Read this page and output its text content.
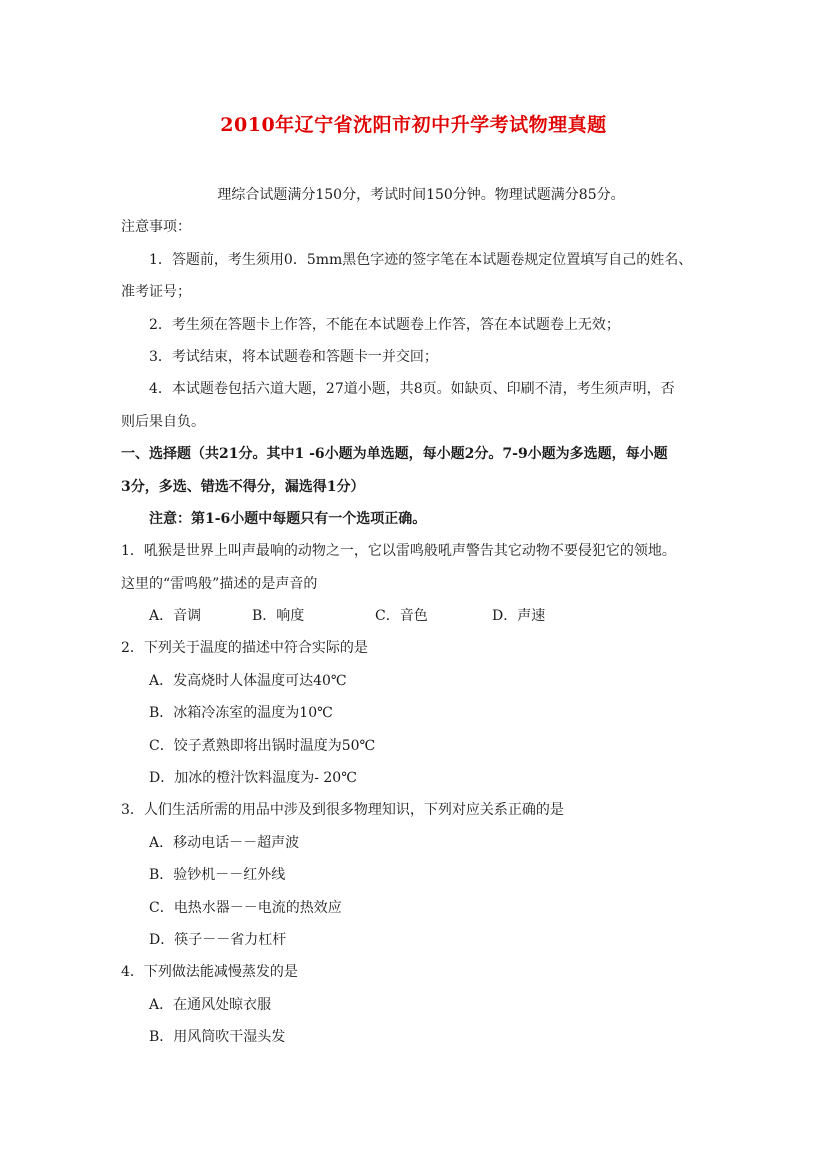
2010年辽宁省沈阳市初中升学考试物理真题
理综合试题满分150分，考试时间150分钟。物理试题满分85分。
注意事项：
1．答题前，考生须用0．5mm黑色字迹的签字笔在本试题卷规定位置填写自己的姓名、
准考证号；
2．考生须在答题卡上作答，不能在本试题卷上作答，答在本试题卷上无效；
3．考试结束，将本试题卷和答题卡一并交回；
4．本试题卷包括六道大题，27道小题，共8页。如缺页、印刷不清，考生须声明，否
则后果自负。
一、选择题（共21分。其中1 -6小题为单选题，每小题2分。7-9小题为多选题，每小题
3分，多选、错选不得分，漏选得1分）
注意：第1-6小题中每题只有一个选项正确。
1．吼猴是世界上叫声最响的动物之一，它以雷鸣般吼声警告其它动物不要侵犯它的领地。
这里的“雷鸣般”描述的是声音的
A．音调	B．响度	C．音色	D．声速
2．下列关于温度的描述中符合实际的是
A．发高烧时人体温度可达40℃
B．冰箱冷冻室的温度为10℃
C．饺子煮熟即将出锅时温度为50℃
D．加冰的橙汁饮料温度为- 20℃
3．人们生活所需的用品中涉及到很多物理知识，下列对应关系正确的是
A．移动电话－－超声波
B．验钞机－－红外线
C．电热水器－－电流的热效应
D．筷子－－省力杠杆
4．下列做法能减慢蒸发的是
A．在通风处晾衣服
B．用风筒吹干湿头发
